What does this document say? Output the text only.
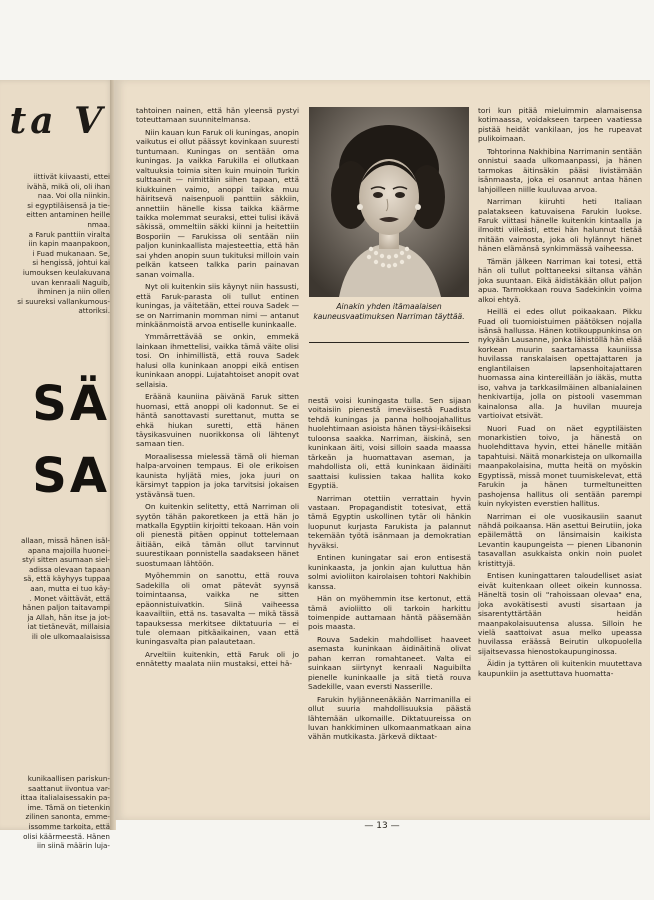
ta V
iittivät kiivaasti, ettei
ivähä, mikä oli, oli ihan
naa. Voi olla niinkin.
si egyptiläisensä ja tie-
eitten antaminen heille
nmaa.
a Faruk panttiin viralta
iin kapin maanpakoon,
i Fuad mukanaan. Se,
si hengissä, johtui kai
iumouksen keulakuvana
uvan kenraali Naguib,
ihminen ja niin ollen
si suureksi vallankumous-
attoriksi.
SÄ
SA
allaan, missä hänen isäl-
apana majoilla huonei-
styi sitten asumaan siel-
adissa olevaan tapaan
sä, että käyhyys tuppaa
aan, mutta ei tuo käy-
. Monet väittävät, että
hänen paljon taitavampi
ja Allah, hän itse ja jot-
iat tietänevät, millaisia
ili ole ulkomaalaisissa
kunikaallisen pariskun-
saattanut iivontua var-
ittaa italialaisessakin pa-
ime. Tämä on tietenkin
zilinen sanonta, emme-
issomme tarkoita, että
olisi käärmeestä. Hänen
iin siinä määrin luja-

tahtoinen nainen, että hän yleensä pystyi toteuttamaan suunnitelmansa.

Niin kauan kun Faruk oli kuningas, anopin vaikutus ei ollut päässyt kovinkaan suuresti tuntumaan. Kuningas on sentään oma kuningas. Ja vaikka Farukilla ei ollutkaan valtuuksia toimia siten kuin muinoin Turkin sulttaanit — nimittäin siihen tapaan, että kiukkuinen vaimo, anoppi taikka muu häiritsevä naisenpuoli panttiin säkkiin, annettiin hänelle kissa taikka käärme taikka molemmat seuraksi, ettei tulisi ikävä säkissä, ommeltiin säkki kiinni ja heitettiin Bosporiin — Farukissa oli sentään niin paljon kuninkaallista majesteettia, että hän sai yhden anopin suun tukituksi milloin vain pelkän katseen talkka parin painavan sanan voimalla.

Nyt oli kuitenkin siis käynyt niin hassusti, että Faruk-parasta oli tullut entinen kuningas, ja väitetään, ettei rouva Sadek — se on Narrimanin momman nimi — antanut minkäänmoistä arvoa entiselle kuninkaalle.

Ymmärrettävää se onkin, emmekä lainkaan ihmettelisi, vaikka tämä väite olisi tosi. On inhimillistä, että rouva Sadek halusi olla kuninkaan anoppi eikä entisen kuninkaan anoppi. Lujatahtoiset anopit ovat sellaisia.

Eräänä kauniina päivänä Faruk sitten huomasi, että anoppi oli kadonnut. Se ei häntä sanottavasti surettanut, mutta se ehkä hiukan suretti, että hänen täysikasvuinen nuorikkonsa oli lähtenyt samaan tien.

Moraalisessa mielessä tämä oli hieman halpa-arvoinen tempaus. Ei ole erikoisen kaunista hyljätä mies, joka juuri on kärsimyt tappion ja joka tarvitsisi jokaisen ystävänsä tuen.

On kuitenkin selitetty, että Narriman oli syytön tähän pakoretkeen ja että hän jo matkalla Egyptiin kirjoitti tekoaan. Hän voin oli pienestä pitäen oppinut tottelemaan äitiään, eikä tämän ollut tarvinnut suurestikaan ponnistella saadakseen hänet suostumaan lähtöön.

Myöhemmin on sanottu, että rouva Sadekilla oli omat pätevät syynsä toimintaansa, vaikka ne sitten epäonnistuivatkin. Siinä vaiheessa kaavailtiin, että ns. tasavalta — mikä tässä tapauksessa merkitsee diktatuuria — ei tule olemaan pitkäaikainen, vaan että kuningasvalta pian palautetaan.

Arveltiin kuitenkin, että Faruk oli jo ennätetty maalata niin mustaksi, ettei hä-

Ainakin yhden itämaalaisen kauneusvaatimuksen Narriman täyttää.

nestä voisi kuningasta tulla. Sen sijaan voitaisiin pienestä imeväisestä Fuadista tehdä kuningas ja panna holhoojahallitus huolehtimaan asioista hänen täysi-ikäiseksi tuloonsa saakka. Narriman, äiskinä, sen kuninkaan äiti, voisi silloin saada maassa tärkeän ja huomattavan aseman, ja mahdollista oli, että kuninkaan äidinäiti saattaisi kulissien takaa hallita koko Egyptiä.

Narriman otettiin verrattain hyvin vastaan. Propagandistit totesivat, että tämä Egyptin uskollinen tytär oli hänkin luopunut kurjasta Farukista ja palannut tekemään työtä isänmaan ja demokratian hyväksi.

Entinen kuningatar sai eron entisestä kuninkaasta, ja jonkin ajan kuluttua hän solmi avioliiton kairolaisen tohtori Nakhibin kanssa.

Hän on myöhemmin itse kertonut, että tämä avioliitto oli tarkoin harkittu toimenpide auttamaan häntä pääsemään pois maasta.

Rouva Sadekin mahdolliset haaveet asemasta kuninkaan äidinäitinä olivat pahan kerran romahtaneet. Valta ei suinkaan siirtynyt kenraali Naguibilta pienelle kuninkaalle ja sitä tietä rouva Sadekille, vaan eversti Nasserille.

Farukin hyljänneenäkään Narrimanilla ei ollut suuria mahdollisuuksia päästä lähtemään ulkomaille. Diktatuureissa on luvan hankkiminen ulkomaanmatkaan aina vähän mutkikasta. Järkevä diktaat-

tori kun pitää mieluimmin alamaisensa kotimaassa, voidakseen tarpeen vaatiessa pistää heidät vankilaan, jos he rupeavat pulikoimaan.

Tohtorinna Nakhibina Narrimanin sentään onnistui saada ulkomaanpassi, ja hänen tarmokas äitinsäkin pääsi livistämään isänmaasta, joka ei osannut antaa hänen lahjoilleen niille kuuluvaa arvoa.

Narriman kiiruhti heti Italiaan palatakseen katuvaisena Farukin luokse. Faruk viittasi hänelle kuitenkin kintaalla ja ilmoitti viileästi, ettei hän halunnut tietää mitään vaimosta, joka oli hylännyt hänet hänen elämänsä synkimmässä vaiheessa.

Tämän jälkeen Narriman kai totesi, että hän oli tullut polttaneeksi siltansa vähän joka suuntaan. Eikä äidistäkään ollut paljon apua. Tarmokkaan rouva Sadekinkin voima alkoi ehtyä.

Heillä ei edes ollut poikaakaan. Pikku Fuad oli tuomioistuimen päätöksen nojalla isänsä hallussa. Hänen kotikouppunkinsa on nykyään Lausanne, jonka lähistöllä hän elää korkean muurin saartamassa kauniissa huvilassa ranskalaisen opettajattaren ja englantilaisen lapsenhoitajattaren huomassa aina kintereillään jo iäkäs, mutta iso, vahva ja tarkkasilmäinen albanialainen henkivartija, jolla on pistooli vasemman kainalonsa alla. Ja huvilan muureja vartioivat etsivät.

Nuori Fuad on näet egyptiläisten monarkistien toivo, ja hänestä on huolehdittava hyvin, ettei hänelle mitään tapahtuisi. Näitä monarkisteja on ulkomailla maanpakolaisina, mutta heitä on myöskin Egyptissä, missä monet tuumiskelevat, että Farukin ja hänen turmeltuneitten pashojensa hallitus oli sentään parempi kuin nykyisten everstien hallitus.

Narriman ei ole vuosikausiin saanut nähdä poikaansa. Hän asettui Beirutiin, joka epäilemättä on länsimaisin kaikista Levantin kaupungeista — pienen Libanonin tasavallan asukkaista onkin noin puolet kristittyjä.

Entisen kuningattaren taloudelliset asiat eivät kuitenkaan olleet oikein kunnossa. Häneltä tosin oli "rahoissaan olevaa" ena, joka avokätisesti avusti sisartaan ja sisarentyttärtään heidän maanpakolaisuutensa alussa. Silloin he vielä saattoivat asua melko upeassa huvilassa eräässä Beirutin ulkopuolella sijaitsevassa hienostokaupunginossa.

Äidin ja tyttären oli kuitenkin muutettava kaupunkiin ja asettuttava huomatta-

— 13 —
